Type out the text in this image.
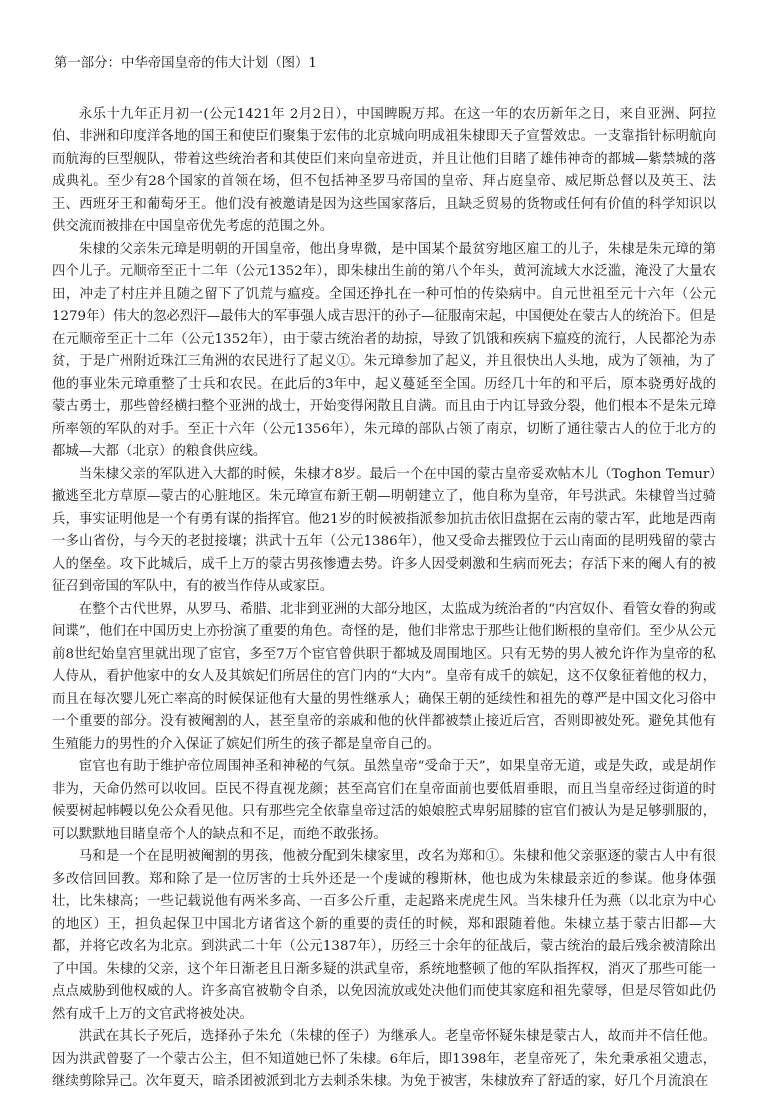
第一部分：中华帝国皇帝的伟大计划（图）1

永乐十九年正月初一(公元1421年 2月2日），中国睥睨万邦。在这一年的农历新年之日，来自亚洲、阿拉伯、非洲和印度洋各地的国王和使臣们聚集于宏伟的北京城向明成祖朱棣即天子宣誓效忠。一支靠指针标明航向而航海的巨型舰队，带着这些统治者和其使臣们来向皇帝进贡，并且让他们目睹了雄伟神奇的都城—紫禁城的落成典礼。至少有28个国家的首领在场，但不包括神圣罗马帝国的皇帝、拜占庭皇帝、威尼斯总督以及英王、法王、西班牙王和葡萄牙王。他们没有被邀请是因为这些国家落后，且缺乏贸易的货物或任何有价值的科学知识以供交流而被排在中国皇帝优先考虑的范围之外。

朱棣的父亲朱元璋是明朝的开国皇帝，他出身卑微，是中国某个最贫穷地区雇工的儿子，朱棣是朱元璋的第四个儿子。元顺帝至正十二年（公元1352年），即朱棣出生前的第八个年头，黄河流域大水泛滥，淹没了大量农田，冲走了村庄并且随之留下了饥荒与瘟疫。全国还挣扎在一种可怕的传染病中。自元世祖至元十六年（公元1279年）伟大的忽必烈汗—最伟大的军事强人成吉思汗的孙子—征服南宋起，中国便处在蒙古人的统治下。但是在元顺帝至正十二年（公元1352年），由于蒙古统治者的劫掠，导致了饥饿和疾病下瘟疫的流行，人民都沦为赤贫，于是广州附近珠江三角洲的农民进行了起义①。朱元璋参加了起义，并且很快出人头地，成为了领袖，为了他的事业朱元璋重整了士兵和农民。在此后的3年中，起义蔓延至全国。历经几十年的和平后，原本骁勇好战的蒙古勇士，那些曾经横扫整个亚洲的战士，开始变得闲散且自满。而且由于内讧导致分裂，他们根本不是朱元璋所率领的军队的对手。至正十六年（公元1356年），朱元璋的部队占领了南京，切断了通往蒙古人的位于北方的都城—大都（北京）的粮食供应线。

当朱棣父亲的军队进入大都的时候，朱棣才8岁。最后一个在中国的蒙古皇帝妥欢帖木儿（Toghon Temur）撤逃至北方草原—蒙古的心脏地区。朱元璋宣布新王朝—明朝建立了，他自称为皇帝，年号洪武。朱棣曾当过骑兵，事实证明他是一个有勇有谋的指挥官。他21岁的时候被指派参加抗击依旧盘据在云南的蒙古军，此地是西南一多山省份，与今天的老挝接壤；洪武十五年（公元1386年），他又受命去摧毁位于云山南面的昆明残留的蒙古人的堡垒。攻下此城后，成千上万的蒙古男孩惨遭去势。许多人因受刺激和生病而死去；存活下来的阉人有的被征召到帝国的军队中，有的被当作侍从或家臣。

在整个古代世界，从罗马、希腊、北非到亚洲的大部分地区，太监成为统治者的“内宫奴仆、看管女眷的狗或间谍”，他们在中国历史上亦扮演了重要的角色。奇怪的是，他们非常忠于那些让他们断根的皇帝们。至少从公元前8世纪始皇宫里就出现了宦官，多至7万个宦官曾供职于都城及周围地区。只有无势的男人被允许作为皇帝的私人侍从，看护他家中的女人及其嫔妃们所居住的宫门内的“大内”。皇帝有成千的嫔妃，这不仅象征着他的权力，而且在每次婴儿死亡率高的时候保证他有大量的男性继承人；确保王朝的延续性和祖先的尊严是中国文化习俗中一个重要的部分。没有被阉割的人，甚至皇帝的亲戚和他的伙伴都被禁止接近后宫，否则即被处死。避免其他有生殖能力的男性的介入保证了嫔妃们所生的孩子都是皇帝自己的。

宦官也有助于维护帝位周围神圣和神秘的气氛。虽然皇帝“受命于天”，如果皇帝无道，或是失政，或是胡作非为，天命仍然可以收回。臣民不得直视龙颜；甚至高官们在皇帝面前也要低眉垂眼，而且当皇帝经过街道的时候要树起帏幔以免公众看见他。只有那些完全依靠皇帝过活的娘娘腔式卑躬屈膝的宦官们被认为是足够驯服的，可以默默地目睹皇帝个人的缺点和不足，而绝不敢张扬。

马和是一个在昆明被阉割的男孩，他被分配到朱棣家里，改名为郑和①。朱棣和他父亲驱逐的蒙古人中有很多改信回回教。郑和除了是一位厉害的士兵外还是一个虔诚的穆斯林，他也成为朱棣最亲近的参谋。他身体强壮，比朱棣高；一些记载说他有两米多高、一百多公斤重，走起路来虎虎生风。当朱棣升任为燕（以北京为中心的地区）王，担负起保卫中国北方诸省这个新的重要的责任的时候，郑和跟随着他。朱棣立基于蒙古旧都—大都，并将它改名为北京。到洪武二十年（公元1387年），历经三十余年的征战后，蒙古统治的最后残余被清除出了中国。朱棣的父亲，这个年日渐老且日渐多疑的洪武皇帝，系统地整顿了他的军队指挥权，消灭了那些可能一点点威胁到他权威的人。许多高官被勒令自杀，以免因流放或处决他们而使其家庭和祖先蒙辱，但是尽管如此仍然有成千上万的文官武将被处决。

洪武在其长子死后，选择孙子朱允（朱棣的侄子）为继承人。老皇帝怀疑朱棣是蒙古人，故而并不信任他。因为洪武曾娶了一个蒙古公主，但不知道她已怀了朱棣。6年后，即1398年，老皇帝死了，朱允秉承祖父遗志，继续剪除异己。次年夏天，暗杀团被派到北方去刺杀朱棣。为免于被害，朱棣放弃了舒适的家，好几个月流浪在
